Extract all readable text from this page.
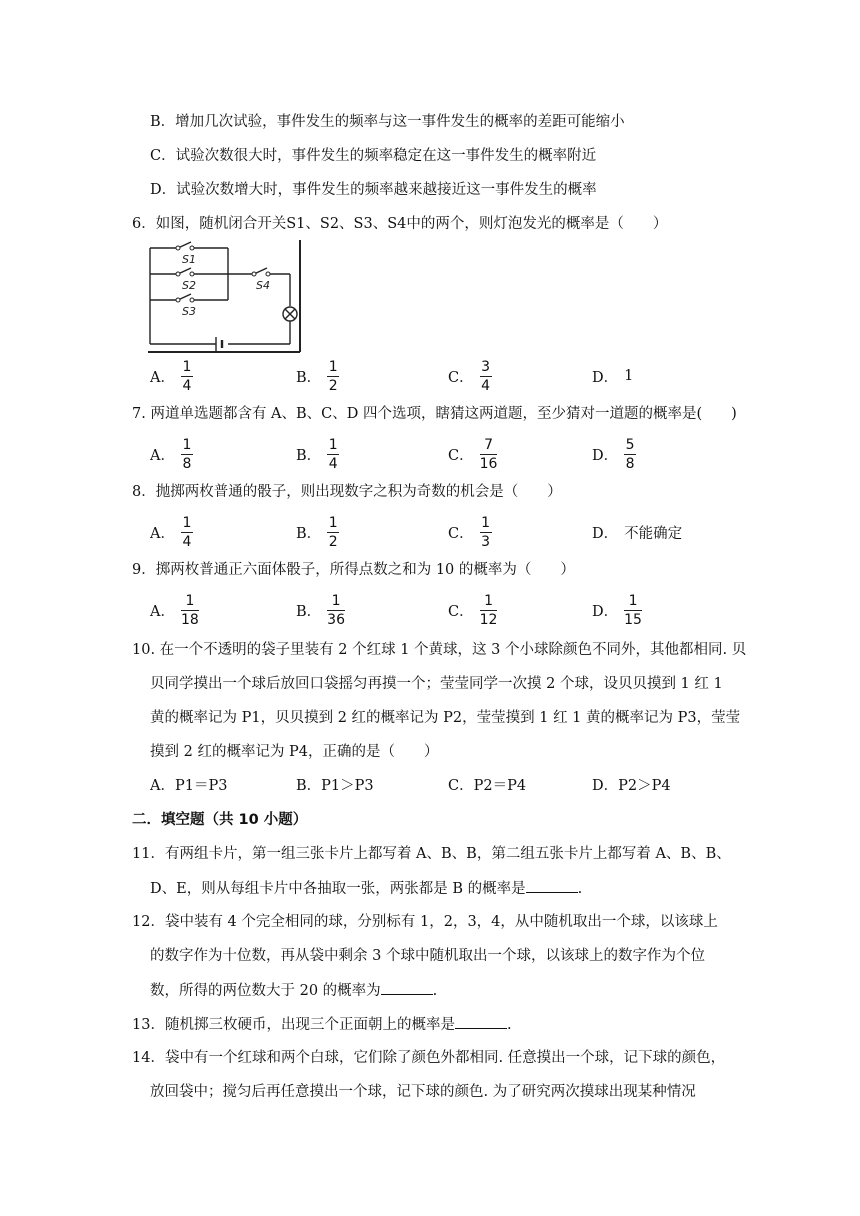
B．增加几次试验，事件发生的频率与这一事件发生的概率的差距可能缩小
C．试验次数很大时，事件发生的频率稳定在这一事件发生的概率附近
D．试验次数增大时，事件发生的频率越来越接近这一事件发生的概率
6．如图，随机闭合开关S1、S2、S3、S4中的两个，则灯泡发光的概率是（　　）
S1
S2
S3
S4
A． $\frac{1}{4}$	B． $\frac{1}{2}$	C． $\frac{3}{4}$	D． 1
7. 两道单选题都含有 A、B、C、D 四个选项，瞎猜这两道题，至少猜对一道题的概率是(　　)
A． $\frac{1}{8}$	B． $\frac{1}{4}$	C． $\frac{7}{16}$	D． $\frac{5}{8}$
8．抛掷两枚普通的骰子，则出现数字之积为奇数的机会是（　　）
A． $\frac{1}{4}$	B． $\frac{1}{2}$	C． $\frac{1}{3}$	D． 不能确定
9．掷两枚普通正六面体骰子，所得点数之和为 10 的概率为（　　）
A． $\frac{1}{18}$	B． $\frac{1}{36}$	C． $\frac{1}{12}$	D． $\frac{1}{15}$
10. 在一个不透明的袋子里装有 2 个红球 1 个黄球，这 3 个小球除颜色不同外，其他都相同. 贝
贝同学摸出一个球后放回口袋摇匀再摸一个；莹莹同学一次摸 2 个球，设贝贝摸到 1 红 1
黄的概率记为 P1，贝贝摸到 2 红的概率记为 P2，莹莹摸到 1 红 1 黄的概率记为 P3，莹莹
摸到 2 红的概率记为 P4，正确的是（　　）
A．P1＝P3	B．P1＞P3	C．P2＝P4	D．P2＞P4
二．填空题（共 10 小题）
11．有两组卡片，第一组三张卡片上都写着 A、B、B，第二组五张卡片上都写着 A、B、B、
D、E，则从每组卡片中各抽取一张，两张都是 B 的概率是	.
12．袋中装有 4 个完全相同的球，分别标有 1，2，3，4，从中随机取出一个球，以该球上
的数字作为十位数，再从袋中剩余 3 个球中随机取出一个球，以该球上的数字作为个位
数，所得的两位数大于 20 的概率为	.
13．随机掷三枚硬币，出现三个正面朝上的概率是	.
14．袋中有一个红球和两个白球，它们除了颜色外都相同. 任意摸出一个球，记下球的颜色，
放回袋中；搅匀后再任意摸出一个球，记下球的颜色. 为了研究两次摸球出现某种情况
